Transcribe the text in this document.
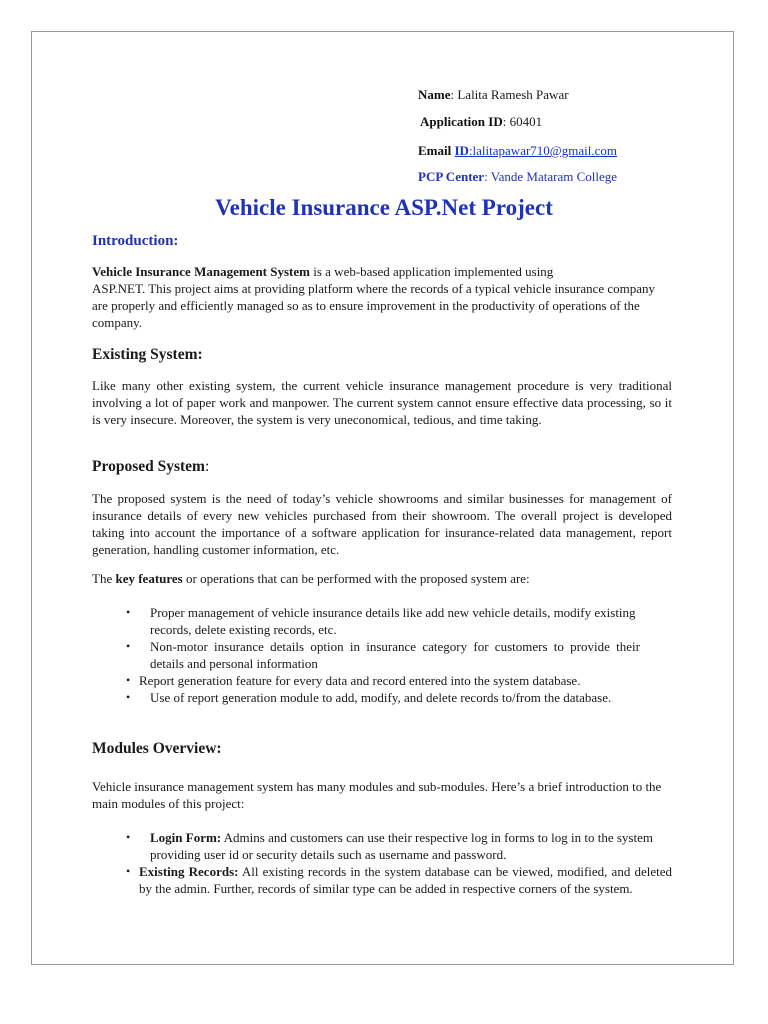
Name: Lalita Ramesh Pawar
Application ID: 60401
Email ID:lalitapawar710@gmail.com
PCP Center: Vande Mataram College
Vehicle Insurance ASP.Net Project
Introduction:
Vehicle Insurance Management System is a web-based application implemented using
ASP.NET. This project aims at providing platform where the records of a typical vehicle insurance company are properly and efficiently managed so as to ensure improvement in the productivity of operations of the company.
Existing System:
Like many other existing system, the current vehicle insurance management procedure is very traditional involving a lot of paper work and manpower. The current system cannot ensure effective data processing, so it is very insecure. Moreover, the system is very uneconomical, tedious, and time taking.
Proposed System:
The proposed system is the need of today’s vehicle showrooms and similar businesses for management of insurance details of every new vehicles purchased from their showroom. The overall project is developed taking into account the importance of a software application for insurance-related data management, report generation, handling customer information, etc.
The key features or operations that can be performed with the proposed system are:
• Proper management of vehicle insurance details like add new vehicle details, modify existing records, delete existing records, etc.
• Non-motor insurance details option in insurance category for customers to provide their details and personal information
• Report generation feature for every data and record entered into the system database.
• Use of report generation module to add, modify, and delete records to/from the database.
Modules Overview:
Vehicle insurance management system has many modules and sub-modules. Here’s a brief introduction to the main modules of this project:
• Login Form: Admins and customers can use their respective log in forms to log in to the system providing user id or security details such as username and password.
• Existing Records: All existing records in the system database can be viewed, modified, and deleted by the admin. Further, records of similar type can be added in respective corners of the system.
